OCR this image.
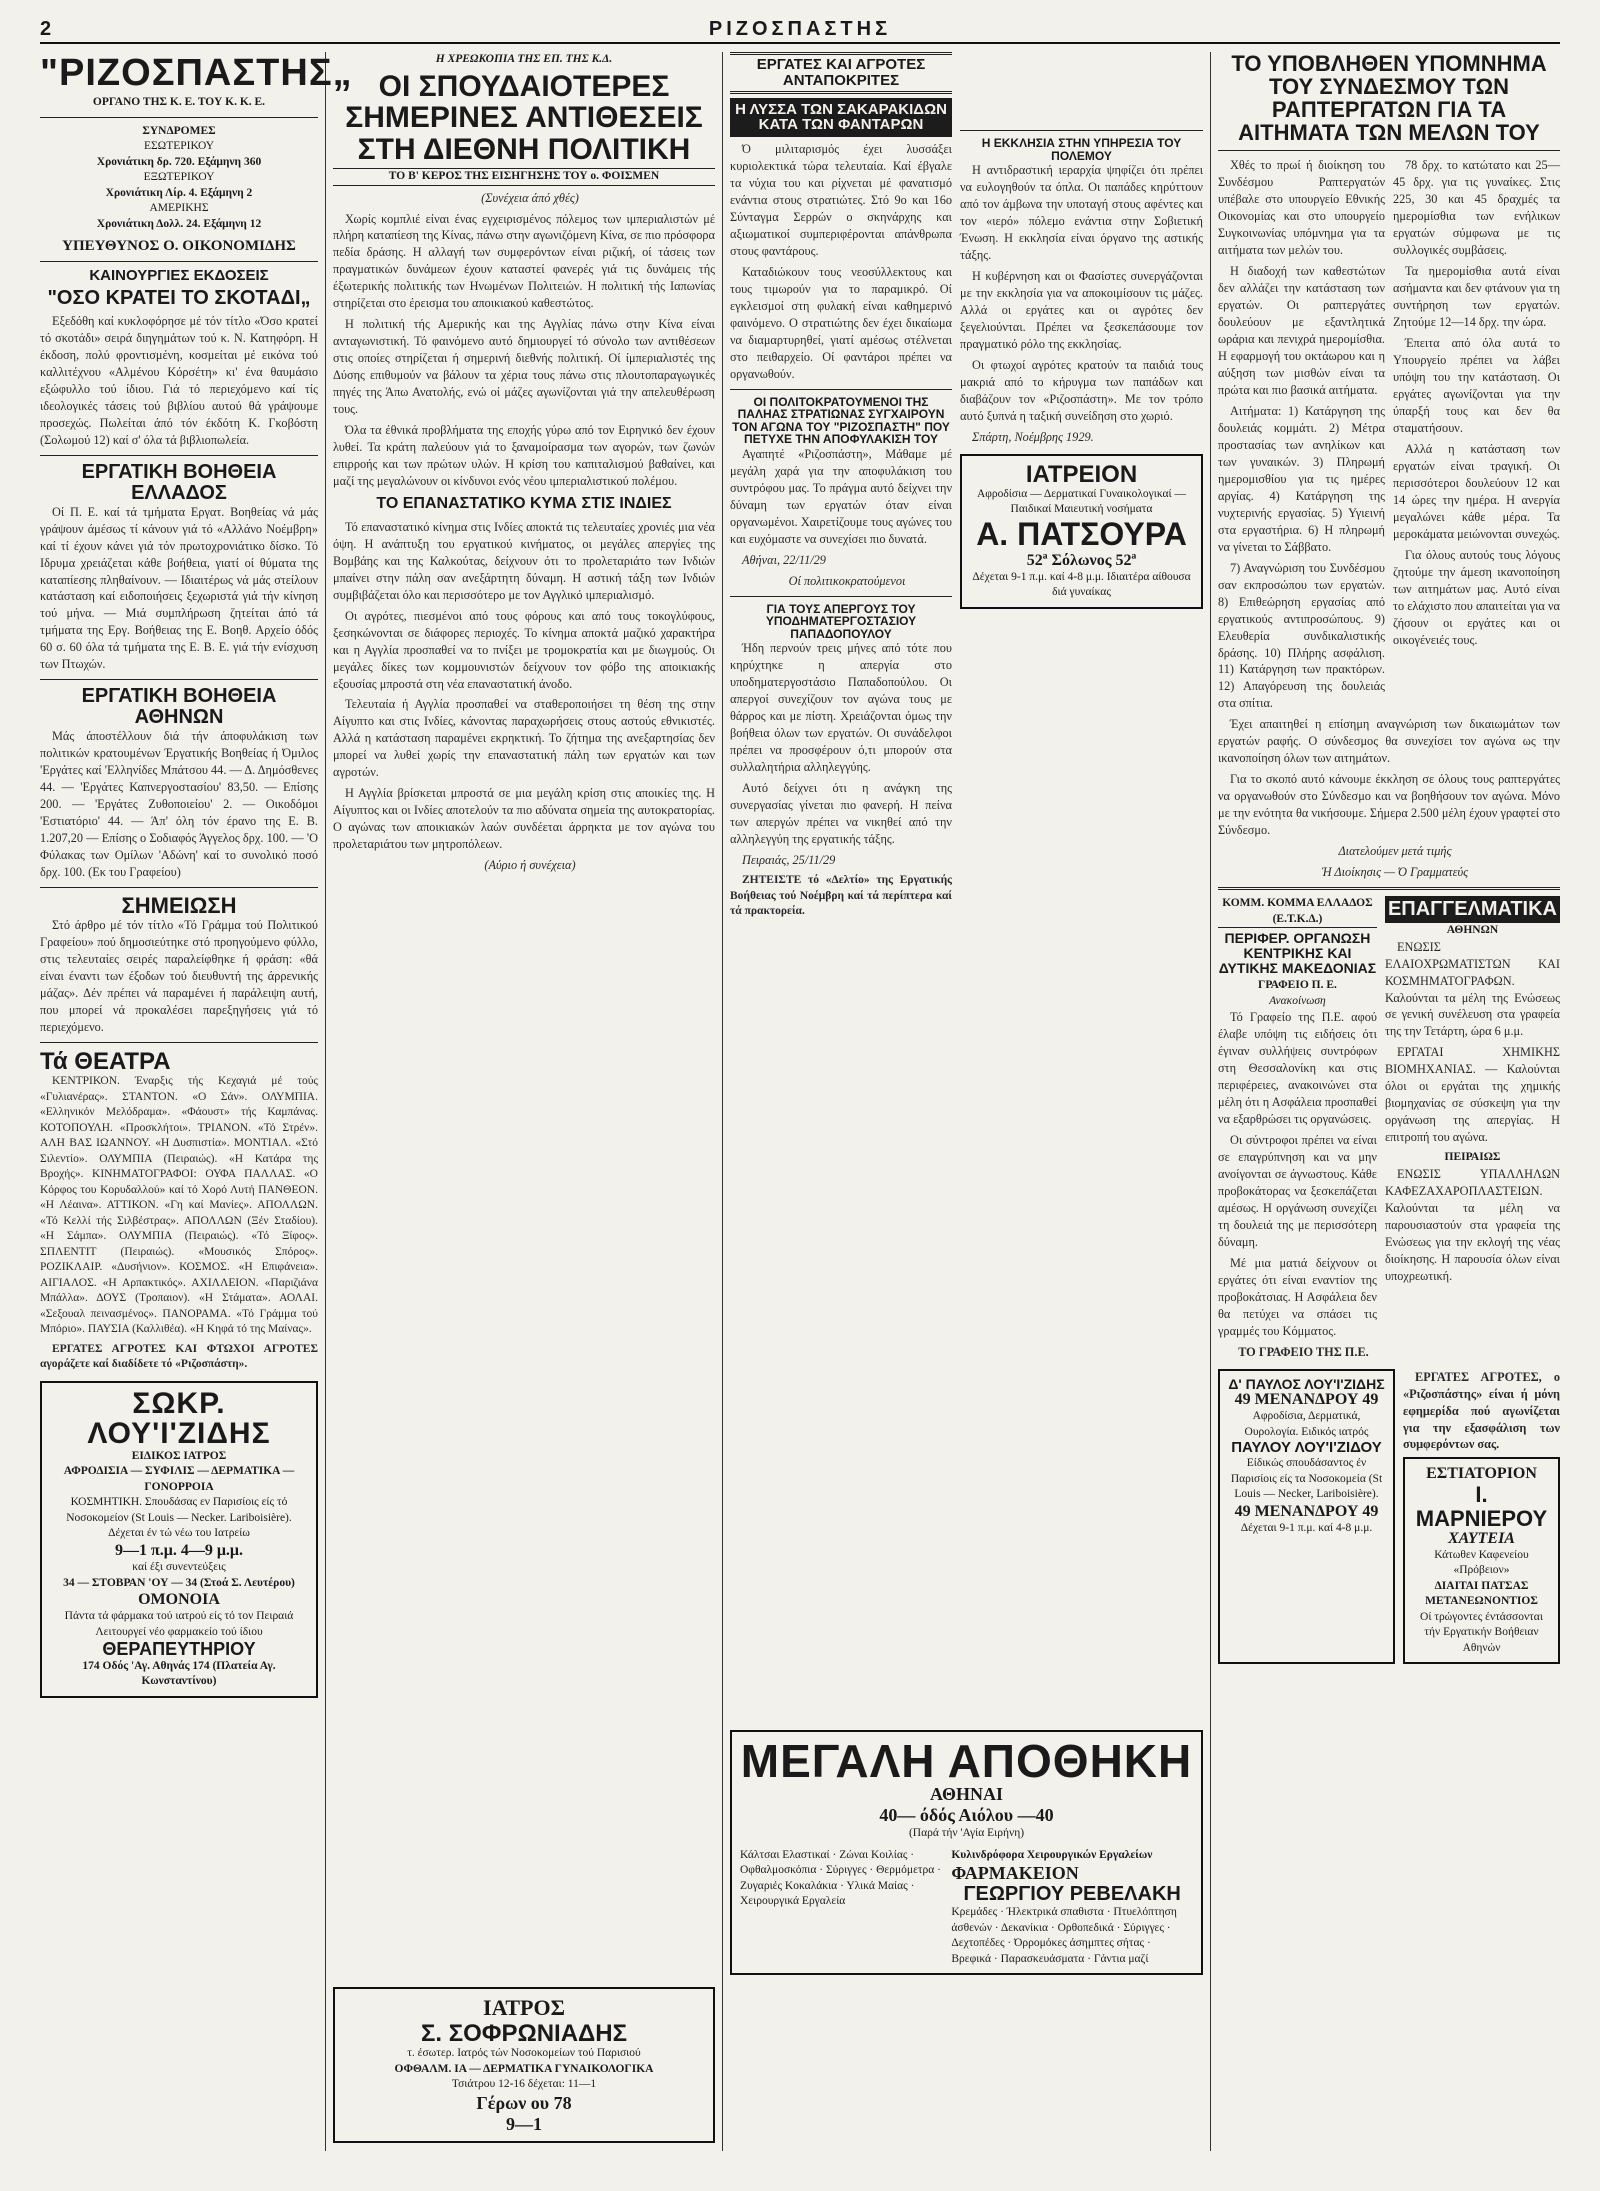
2	ΡΙΖΟΣΠΑΣΤΗΣ
"ΡΙΖΟΣΠΑΣΤΗΣ„
ΟΡΓΑΝΟ ΤΗΣ Κ. Ε. ΤΟΥ Κ. Κ. Ε.
ΣΥΝΔΡΟΜΕΣ
ΕΣΩΤΕΡΙΚΟΥ
Χρονιάτικη δρ. 720. Εξάμηνη 360
ΕΞΩΤΕΡΙΚΟΥ
Χρονιάτικη Λίρ. 4. Εξάμηνη 2
ΑΜΕΡΙΚΗΣ
Χρονιάτικη Δολλ. 24. Εξάμηνη 12
ΥΠΕΥΘΥΝΟΣ Ο. ΟΙΚΟΝΟΜΙΔΗΣ
ΚΑΙΝΟΥΡΓΙΕΣ ΕΚΔΟΣΕΙΣ
"ΟΣΟ ΚΡΑΤΕΙ ΤΟ ΣΚΟΤΑΔΙ„

Εξεδόθη καί κυκλοφόρησε μέ τόν τίτλο «Όσο κρατεί τό σκοτάδι» σειρά διηγημάτων τού κ. Ν. Κατηφόρη. Η έκδοση, πολύ φροντισμένη, κοσμείται μέ εικόνα τού καλλιτέχνου «Αλμένου Κόρσέτη» κι' ένα θαυμάσιο εξώφυλλο τού ίδιου. Γιά τό περιεχόμενο καί τίς ιδεολογικές τάσεις τού βιβλίου αυτού θά γράψουμε προσεχώς. Πωλείται άπό τόν έκδότη Κ. Γκοβόστη (Σολωμού 12) καί σ' όλα τά βιβλιοπωλεία.

ΕΡΓΑΤΙΚΗ ΒΟΗΘΕΙΑ ΕΛΛΑΔΟΣ

Οί Π. Ε. καί τά τμήματα Εργατ. Βοηθείας νά μάς γράψουν άμέσως τί κάνουν γιά τό «Αλλάνο Νοέμβρη» καί τί έχουν κάνει γιά τόν πρωτοχρονιάτικο δίσκο. Τό Ιδρυμα χρειάζεται κάθε βοήθεια, γιατί οί θύματα της καταπίεσης πληθαίνουν. — Ιδιαιτέρως νά μάς στείλουν κατάσταση καί ειδοποιήσεις ξεχωριστά γιά τήν κίνηση τού μήνα. — Μιά συμπλήρωση ζητείται άπό τά τμήματα της Εργ. Βοήθειας της Ε. Βοηθ. Αρχείο όδός 60 σ. 60 όλα τά τμήματα της Ε. Β. Ε. γιά τήν ενίσχυση των Πτωχών.

ΕΡΓΑΤΙΚΗ ΒΟΗΘΕΙΑ ΑΘΗΝΩΝ

Μάς άποστέλλουν διά τήν άποφυλάκιση των πολιτικών κρατουμένων Έργατικής Βοηθείας ή Όμιλος 'Εργάτες καί 'Ελληνίδες Μπάτσου 44. — Δ. Δημόσθενες 44. — 'Εργάτες Καπνεργοστασίου' 83,50. — Επίσης 200. — 'Εργάτες Ζυθοποιείου' 2. — Οικοδόμοι 'Εστιατόριο' 44. — Άπ' όλη τόν έρανο της Ε. Β. 1.207,20 — Επίσης ο Σοδιαφός Άγγελος δρχ. 100. — 'Ο Φύλακας των Ομίλων 'Αδώνη' καί το συνολικό ποσό δρχ. 100. (Εκ του Γραφείου)

ΣΗΜΕΙΩΣΗ

Στό άρθρο μέ τόν τίτλο «Τό Γράμμα τού Πολιτικού Γραφείου» πού δημοσιεύτηκε στό προηγούμενο φύλλο, στις τελευταίες σειρές παραλείφθηκε ή φράση: «θά είναι έναντι των έξοδων τού διευθυντή της άρρενικής μάζας». Δέν πρέπει νά παραμένει ή παράλειψη αυτή, που μπορεί νά προκαλέσει παρεξηγήσεις γιά τό περιεχόμενο.

Τά ΘΕΑΤΡΑ

ΚΕΝΤΡΙΚΟΝ. Έναρξις τής Κεχαγιά μέ τούς «Γυλιανέρας». ΣΤΑΝΤΟΝ. «Ο Σάν». ΟΛΥΜΠΙΑ. «Ελληνικόν Μελόδραμα». «Φάουστ» τής Καμπάνας. ΚΟΤΟΠΟΥΛΗ. «Προσκλήτοι». ΤΡΙΑΝΟΝ. «Τό Στρέν». ΑΛΗ ΒΑΣ ΙΩΑΝΝΟΥ. «Η Δυσπιστία». ΜΟΝΤΙΑΛ. «Στό Σιλεντίο». ΟΛΥΜΠΙΑ (Πειραιώς). «Η Κατάρα της Βροχής». ΚΙΝΗΜΑΤΟΓΡΑΦΟΙ: ΟΥΦΑ ΠΑΛΛΑΣ. «Ο Κόρφος του Κορυδαλλού» καί τό Χορό Λυτή ΠΑΝΘΕΟΝ. «Η Λέαινα». ΑΤΤΙΚΟΝ. «Γη καί Μανίες». ΑΠΟΛΛΩΝ. «Τό Κελλί τής Σιλβέστρας». ΑΠΟΛΛΩΝ (Ξέν Σταδίου). «Η Σάμπα». ΟΛΥΜΠΙΑ (Πειραιώς). «Τό Ξίφος». ΣΠΛΕΝΤΙΤ (Πειραιώς). «Μουσικός Σπόρος». ΡΟΖΙΚΛΑΙΡ. «Δυσήνιον». ΚΟΣΜΟΣ. «Η Επιφάνεια». ΑΙΓΙΑΛΟΣ. «Η Αρπακτικός». ΑΧΙΛΛΕΙΟΝ. «Παριζιάνα Μπάλλα». ΔΟΥΣ (Τροπαιον). «Η Στάματα». ΑΟΛΑΙ. «Σεξουαλ πεινασμένος». ΠΑΝΟΡΑΜΑ. «Τό Γράμμα τού Μπόριο». ΠΑΥΣΙΑ (Καλλιθέα). «Η Κηφά τό της Μαίνας».

ΕΡΓΑΤΕΣ ΑΓΡΟΤΕΣ ΚΑΙ ΦΤΩΧΟΙ ΑΓΡΟΤΕΣ αγοράζετε καί διαδίδετε τό «Ριζοσπάστη».

ΣΩΚΡ. ΛΟΥ'Ι'ΖΙΔΗΣ
ΕΙΔΙΚΟΣ ΙΑΤΡΟΣ
ΑΦΡΟΔΙΣΙΑ — ΣΥΦΙΛΙΣ — ΔΕΡΜΑΤΙΚΑ — ΓΟΝΟΡΡΟΙΑ
ΚΟΣΜΗΤΙΚΗ. Σπουδάσας εν Παρισίοις είς τό Νοσοκομείον (St Louis — Necker. Lariboisière). Δέχεται έν τώ νέω του Ιατρείω
9—1 π.μ. 4—9 μ.μ.
καί έξι συνεντεύξεις
34 — ΣΤΟΒΡΑΝ 'ΟΥ — 34 (Στοά Σ. Λευτέρου)
ΟΜΟΝΟΙΑ
Πάντα τά φάρμακα τού ιατρού είς τό τον Πειραιά Λειτουργεί νέο φαρμακείο τού ίδιου
ΘΕΡΑΠΕΥΤΗΡΙΟΥ
174 Οδός 'Αγ. Αθηνάς 174 (Πλατεία Αγ. Κωνσταντίνου)
Η ΧΡΕΩΚΟΠΙΑ ΤΗΣ ΕΠ. ΤΗΣ Κ.Δ.
ΟΙ ΣΠΟΥΔΑΙΟΤΕΡΕΣ ΣΗΜΕΡΙΝΕΣ ΑΝΤΙΘΕΣΕΙΣ ΣΤΗ ΔΙΕΘΝΗ ΠΟΛΙΤΙΚΗ
ΤΟ Β' ΚΕΡΟΣ ΤΗΣ ΕΙΣΗΓΗΣΗΣ ΤΟΥ ο. ΦΟΙΣΜΕΝ

(Συνέχεια άπό χθές)

Χωρίς κομπλιέ είναι ένας εγχειρισμένος πόλεμος των ιμπεριαλιστών μέ πλήρη καταπίεση της Κίνας, πάνω στην αγωνιζόμενη Κίνα, σε πιο πρόσφορα πεδία δράσης. Η αλλαγή των συμφερόντων είναι ριζική, οί τάσεις των πραγματικών δυνάμεων έχουν καταστεί φανερές γιά τις δυνάμεις τής έξωτερικής πολιτικής των Ηνωμένων Πολιτειών. Η πολιτική τής Ιαπωνίας στηρίζεται στο έρεισμα του αποικιακού καθεστώτος.

Η πολιτική τής Αμερικής και της Αγγλίας πάνω στην Κίνα είναι ανταγωνιστική. Τό φαινόμενο αυτό δημιουργεί τό σύνολο των αντιθέσεων στις οποίες στηρίζεται ή σημερινή διεθνής πολιτική. Οί ίμπεριαλιστές της Δύσης επιθυμούν να βάλουν τα χέρια τους πάνω στις πλουτοπαραγωγικές πηγές της Άπω Ανατολής, ενώ οί μάζες αγωνίζονται γιά την απελευθέρωση τους.

Όλα τα έθνικά προβλήματα της εποχής γύρω από τον Ειρηνικό δεν έχουν λυθεί. Τα κράτη παλεύουν γιά το ξαναμοίρασμα των αγορών, των ζωνών επιρροής και των πρώτων υλών. Η κρίση του καπιταλισμού βαθαίνει, και μαζί της μεγαλώνουν οι κίνδυνοι ενός νέου ιμπεριαλιστικού πολέμου.

ΤΟ ΕΠΑΝΑΣΤΑΤΙΚΟ ΚΥΜΑ ΣΤΙΣ ΙΝΔΙΕΣ

Τό επαναστατικό κίνημα στις Ινδίες αποκτά τις τελευταίες χρονιές μια νέα όψη. Η ανάπτυξη του εργατικού κινήματος, οι μεγάλες απεργίες της Βομβάης και της Καλκούτας, δείχνουν ότι το προλεταριάτο των Ινδιών μπαίνει στην πάλη σαν ανεξάρτητη δύναμη. Η αστική τάξη των Ινδιών συμβιβάζεται όλο και περισσότερο με τον Αγγλικό ιμπεριαλισμό.

Οι αγρότες, πιεσμένοι από τους φόρους και από τους τοκογλύφους, ξεσηκώνονται σε διάφορες περιοχές. Το κίνημα αποκτά μαζικό χαρακτήρα και η Αγγλία προσπαθεί να το πνίξει με τρομοκρατία και με διωγμούς. Οι μεγάλες δίκες των κομμουνιστών δείχνουν τον φόβο της αποικιακής εξουσίας μπροστά στη νέα επαναστατική άνοδο.

Τελευταία ή Αγγλία προσπαθεί να σταθεροποιήσει τη θέση της στην Αίγυπτο και στις Ινδίες, κάνοντας παραχωρήσεις στους αστούς εθνικιστές. Αλλά η κατάσταση παραμένει εκρηκτική. Το ζήτημα της ανεξαρτησίας δεν μπορεί να λυθεί χωρίς την επαναστατική πάλη των εργατών και των αγροτών.

Η Αγγλία βρίσκεται μπροστά σε μια μεγάλη κρίση στις αποικίες της. Η Αίγυπτος και οι Ινδίες αποτελούν τα πιο αδύνατα σημεία της αυτοκρατορίας. Ο αγώνας των αποικιακών λαών συνδέεται άρρηκτα με τον αγώνα του προλεταριάτου των μητροπόλεων.

(Αύριο ή συνέχεια)

ΙΑΤΡΟΣ
Σ. ΣΟΦΡΩΝΙΑΔΗΣ
τ. έσωτερ. Ιατρός τών Νοσοκομείων τού Παρισιού
ΟΦΘΑΛΜ. ΙΑ — ΔΕΡΜΑΤΙΚΑ ΓΥΝΑΙΚΟΛΟΓΙΚΑ
Τσιάτρου 12-16 δέχεται: 11—1
Γέρων ου 78
9—1
ΕΡΓΑΤΕΣ ΚΑΙ ΑΓΡΟΤΕΣ ΑΝΤΑΠΟΚΡΙΤΕΣ
Η ΛΥΣΣΑ ΤΩΝ ΣΑΚΑΡΑΚΙΔΩΝ ΚΑΤΑ ΤΩΝ ΦΑΝΤΑΡΩΝ

Ό μιλιταρισμός έχει λυσσάξει κυριολεκτικά τώρα τελευταία. Καί έβγαλε τα νύχια του και ρίχνεται μέ φανατισμό ενάντια στους στρατιώτες. Στό 9ο και 16ο Σύνταγμα Σερρών ο σκηνάρχης και αξιωματικοί συμπεριφέρονται απάνθρωπα στους φαντάρους.

Καταδιώκουν τους νεοσύλλεκτους και τους τιμωρούν για το παραμικρό. Οί εγκλεισμοί στη φυλακή είναι καθημερινό φαινόμενο. Ο στρατιώτης δεν έχει δικαίωμα να διαμαρτυρηθεί, γιατί αμέσως στέλνεται στο πειθαρχείο. Οί φαντάροι πρέπει να οργανωθούν.

ΟΙ ΠΟΛΙΤΟΚΡΑΤΟΥΜΕΝΟΙ ΤΗΣ ΠΑΛΗΑΣ ΣΤΡΑΤΙΩΝΑΣ ΣΥΓΧΑΙΡΟΥΝ ΤΟΝ ΑΓΩΝΑ ΤΟΥ "ΡΙΖΟΣΠΑΣΤΗ" ΠΟΥ ΠΕΤΥΧΕ ΤΗΝ ΑΠΟΦΥΛΑΚΙΣΗ ΤΟΥ

Αγαπητέ «Ριζοσπάστη», Μάθαμε μέ μεγάλη χαρά για την αποφυλάκιση του συντρόφου μας. Το πράγμα αυτό δείχνει την δύναμη των εργατών όταν είναι οργανωμένοι. Χαιρετίζουμε τους αγώνες του και ευχόμαστε να συνεχίσει πιο δυνατά.

Αθήναι, 22/11/29

Οί πολιτικοκρατούμενοι

ΓΙΑ ΤΟΥΣ ΑΠΕΡΓΟΥΣ ΤΟΥ ΥΠΟΔΗΜΑΤΕΡΓΟΣΤΑΣΙΟΥ ΠΑΠΑΔΟΠΟΥΛΟΥ

Ήδη περνούν τρεις μήνες από τότε που κηρύχτηκε η απεργία στο υποδηματεργοστάσιο Παπαδοπούλου. Οι απεργοί συνεχίζουν τον αγώνα τους με θάρρος και με πίστη. Χρειάζονται όμως την βοήθεια όλων των εργατών. Οι συνάδελφοι πρέπει να προσφέρουν ό,τι μπορούν στα συλλαλητήρια αλληλεγγύης.

Αυτό δείχνει ότι η ανάγκη της συνεργασίας γίνεται πιο φανερή. Η πείνα των απεργών πρέπει να νικηθεί από την αλληλεγγύη της εργατικής τάξης.

Πειραιάς, 25/11/29

ΖΗΤΕΙΣΤΕ τό «Δελτίο» της Εργατικής Βοήθειας τού Νοέμβρη καί τά περίπτερα καί τά πρακτορεία.

Η ΕΚΚΛΗΣΙΑ ΣΤΗΝ ΥΠΗΡΕΣΙΑ ΤΟΥ ΠΟΛΕΜΟΥ

Η αντιδραστική ιεραρχία ψηφίζει ότι πρέπει να ευλογηθούν τα όπλα. Οι παπάδες κηρύττουν από τον άμβωνα την υποταγή στους αφέντες και τον «ιερό» πόλεμο ενάντια στην Σοβιετική Ένωση. Η εκκλησία είναι όργανο της αστικής τάξης.

Η κυβέρνηση και οι Φασίστες συνεργάζονται με την εκκλησία για να αποκοιμίσουν τις μάζες. Αλλά οι εργάτες και οι αγρότες δεν ξεγελιούνται. Πρέπει να ξεσκεπάσουμε τον πραγματικό ρόλο της εκκλησίας.

Οι φτωχοί αγρότες κρατούν τα παιδιά τους μακριά από το κήρυγμα των παπάδων και διαβάζουν τον «Ριζοσπάστη». Με τον τρόπο αυτό ξυπνά η ταξική συνείδηση στο χωριό.

Σπάρτη, Νοέμβρης 1929.

ΙΑΤΡΕΙΟΝ
Αφροδίσια — Δερματικαί Γυναικολογικαί — Παιδικαί Μαιευτική νοσήματα
Α. ΠΑΤΣΟΥΡΑ
52ª Σόλωνος 52ª
Δέχεται 9-1 π.μ. καί 4-8 μ.μ. Ιδιαιτέρα αίθουσα διά γυναίκας
ΜΕΓΑΛΗ ΑΠΟΘΗΚΗ
ΑΘΗΝΑΙ
40— όδός Αιόλου —40
(Παρά τήν 'Αγία Ειρήνη)
Κάλτσαι Ελαστικαί · Ζώναι Κοιλίας · Οφθαλμοσκόπια · Σύριγγες · Θερμόμετρα · Ζυγαριές Κοκαλάκια · Υλικά Μαίας · Χειρουργικά Εργαλεία
Κυλινδρόφορα Χειρουργικών Εργαλείων
ΦΑΡΜΑΚΕΙΟΝ
ΓΕΩΡΓΙΟΥ ΡΕΒΕΛΑΚΗ
Κρεμάδες · Ήλεκτρικά σπαθιστα · Πτυελόπτηση άσθενών · Δεκανίκια · Ορθοπεδικά · Σύριγγες · Δεχτοπέδες · Όρρομόκες άσημπτες σήτας · Βρεφικά · Παρασκευάσματα · Γάντια μαζί
ΤΟ ΥΠΟΒΛΗΘΕΝ ΥΠΟΜΝΗΜΑ ΤΟΥ ΣΥΝΔΕΣΜΟΥ ΤΩΝ ΡΑΠΤΕΡΓΑΤΩΝ ΓΙΑ ΤΑ ΑΙΤΗΜΑΤΑ ΤΩΝ ΜΕΛΩΝ ΤΟΥ

Χθές το πρωί ή διοίκηση του Συνδέσμου Ραπτεργατών υπέβαλε στο υπουργείο Εθνικής Οικονομίας και στο υπουργείο Συγκοινωνίας υπόμνημα για τα αιτήματα των μελών του.

Η διαδοχή των καθεστώτων δεν αλλάζει την κατάσταση των εργατών. Οι ραπτεργάτες δουλεύουν με εξαντλητικά ωράρια και πενιχρά ημερομίσθια. Η εφαρμογή του οκτάωρου και η αύξηση των μισθών είναι τα πρώτα και πιο βασικά αιτήματα.

Αιτήματα: 1) Κατάργηση της δουλειάς κομμάτι. 2) Μέτρα προστασίας των ανηλίκων και των γυναικών. 3) Πληρωμή ημερομισθίου για τις ημέρες αργίας. 4) Κατάργηση της νυχτερινής εργασίας. 5) Υγιεινή στα εργαστήρια. 6) Η πληρωμή να γίνεται το Σάββατο.

7) Αναγνώριση του Συνδέσμου σαν εκπροσώπου των εργατών. 8) Επιθεώρηση εργασίας από εργατικούς αντιπροσώπους. 9) Ελευθερία συνδικαλιστικής δράσης. 10) Πλήρης ασφάλιση. 11) Κατάργηση των πρακτόρων. 12) Απαγόρευση της δουλειάς στα σπίτια.

78 δρχ. το κατώτατο και 25—45 δρχ. για τις γυναίκες. Στις 225, 30 και 45 δραχμές τα ημερομίσθια των ενήλικων εργατών σύμφωνα με τις συλλογικές συμβάσεις.

Τα ημερομίσθια αυτά είναι ασήμαντα και δεν φτάνουν για τη συντήρηση των εργατών. Ζητούμε 12—14 δρχ. την ώρα.

Έπειτα από όλα αυτά το Υπουργείο πρέπει να λάβει υπόψη του την κατάσταση. Οι εργάτες αγωνίζονται για την ύπαρξή τους και δεν θα σταματήσουν.

Αλλά η κατάσταση των εργατών είναι τραγική. Οι περισσότεροι δουλεύουν 12 και 14 ώρες την ημέρα. Η ανεργία μεγαλώνει κάθε μέρα. Τα μεροκάματα μειώνονται συνεχώς.

Για όλους αυτούς τους λόγους ζητούμε την άμεση ικανοποίηση των αιτημάτων μας. Αυτό είναι το ελάχιστο που απαιτείται για να ζήσουν οι εργάτες και οι οικογένειές τους.

Έχει απαιτηθεί η επίσημη αναγνώριση των δικαιωμάτων των εργατών ραφής. Ο σύνδεσμος θα συνεχίσει τον αγώνα ως την ικανοποίηση όλων των αιτημάτων.

Για το σκοπό αυτό κάνουμε έκκληση σε όλους τους ραπτεργάτες να οργανωθούν στο Σύνδεσμο και να βοηθήσουν τον αγώνα. Μόνο με την ενότητα θα νικήσουμε. Σήμερα 2.500 μέλη έχουν γραφτεί στο Σύνδεσμο.

Διατελούμεν μετά τιμής

Ή Διοίκησις — Ό Γραμματεύς

ΚΟΜΜ. ΚΟΜΜΑ ΕΛΛΑΔΟΣ (Ε.Τ.Κ.Δ.)
ΠΕΡΙΦΕΡ. ΟΡΓΑΝΩΣΗ ΚΕΝΤΡΙΚΗΣ ΚΑΙ ΔΥΤΙΚΗΣ ΜΑΚΕΔΟΝΙΑΣ
ΓΡΑΦΕΙΟ Π. Ε.
Ανακοίνωση

Τό Γραφείο της Π.Ε. αφού έλαβε υπόψη τις ειδήσεις ότι έγιναν συλλήψεις συντρόφων στη Θεσσαλονίκη και στις περιφέρειες, ανακοινώνει στα μέλη ότι η Ασφάλεια προσπαθεί να εξαρθρώσει τις οργανώσεις.

Οι σύντροφοι πρέπει να είναι σε επαγρύπνηση και να μην ανοίγονται σε άγνωστους. Κάθε προβοκάτορας να ξεσκεπάζεται αμέσως. Η οργάνωση συνεχίζει τη δουλειά της με περισσότερη δύναμη.

Μέ μια ματιά δείχνουν οι εργάτες ότι είναι εναντίον της προβοκάτσιας. Η Ασφάλεια δεν θα πετύχει να σπάσει τις γραμμές του Κόμματος.

ΤΟ ΓΡΑΦΕΙΟ ΤΗΣ Π.Ε.

ΕΠΑΓΓΕΛΜΑΤΙΚΑ
ΑΘΗΝΩΝ

ΕΝΩΣΙΣ ΕΛΑΙΟΧΡΩΜΑΤΙΣΤΩΝ ΚΑΙ ΚΟΣΜΗΜΑΤΟΓΡΑΦΩΝ. Καλούνται τα μέλη της Ενώσεως σε γενική συνέλευση στα γραφεία της την Τετάρτη, ώρα 6 μ.μ.

ΕΡΓΑΤΑΙ ΧΗΜΙΚΗΣ ΒΙΟΜΗΧΑΝΙΑΣ. — Καλούνται όλοι οι εργάται της χημικής βιομηχανίας σε σύσκεψη για την οργάνωση της απεργίας. Η επιτροπή του αγώνα.

ΠΕΙΡΑΙΩΣ

ΕΝΩΣΙΣ ΥΠΑΛΛΗΛΩΝ ΚΑΦΕΖΑΧΑΡΟΠΛΑΣΤΕΙΩΝ. Καλούνται τα μέλη να παρουσιαστούν στα γραφεία της Ενώσεως για την εκλογή της νέας διοίκησης. Η παρουσία όλων είναι υποχρεωτική.

Δ' ΠΑΥΛΟΣ ΛΟΥ'Ι'ΖΙΔΗΣ
49 ΜΕΝΑΝΔΡΟΥ 49
Αφροδίσια, Δερματικά, Ουρολογία. Ειδικός ιατρός
ΠΑΥΛΟΥ ΛΟΥ'Ι'ΖΙΔΟΥ
Είδικώς σπουδάσαντος έν Παρισίοις είς τα Νοσοκομεία (St Louis — Necker, Lariboisière).
49 ΜΕΝΑΝΔΡΟΥ 49
Δέχεται 9-1 π.μ. καί 4-8 μ.μ.

ΕΡΓΑΤΕΣ ΑΓΡΟΤΕΣ, ο «Ριζοσπάστης» είναι ή μόνη εφημερίδα πού αγωνίζεται για την εξασφάλιση των συμφερόντων σας.

ΕΣΤΙΑΤΟΡΙΟΝ
Ι. ΜΑΡΝΙΕΡΟΥ
ΧΑΥΤΕΙΑ
Κάτωθεν Καφενείου «Πρόβειον»
ΔΙΑΙΤΑΙ ΠΑΤΣΑΣ ΜΕΤΑΝΕΩΝΟΝΤΙΟΣ
Οί τρώγοντες έντάσσονται τήν Εργατικήν Βοήθειαν Αθηνών
